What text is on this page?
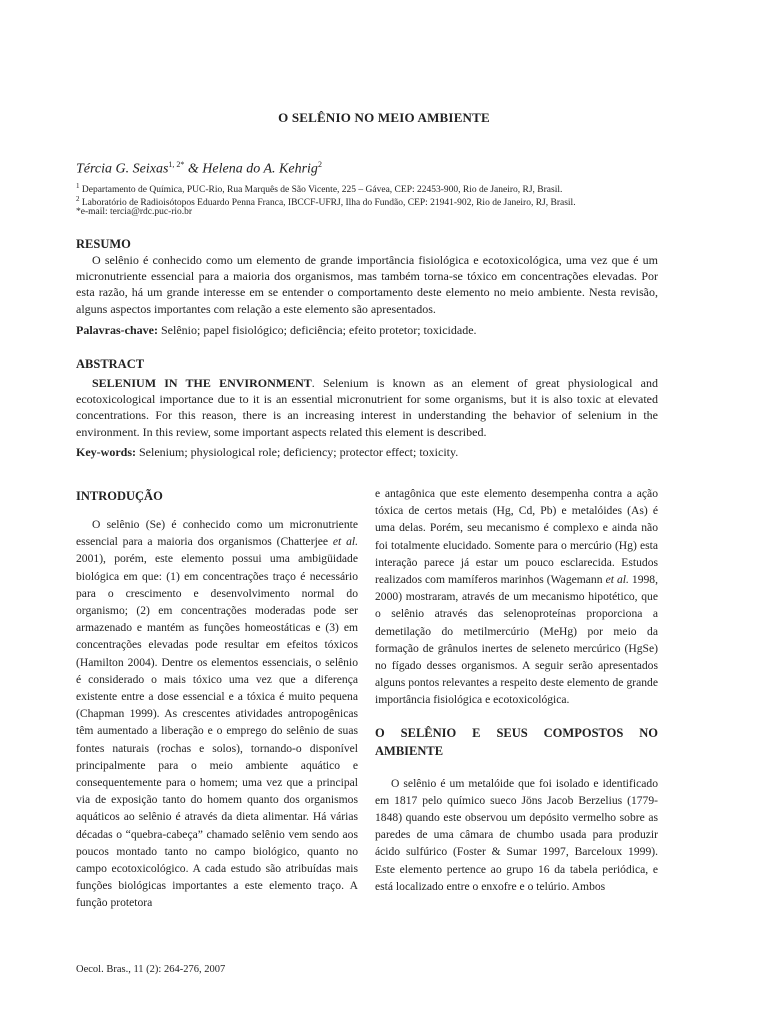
O SELÊNIO NO MEIO AMBIENTE
Tércia G. Seixas$^{1, 2*}$ & Helena do A. Kehrig$^2$
$^1$ Departamento de Química, PUC-Rio, Rua Marquês de São Vicente, 225 – Gávea, CEP: 22453-900, Rio de Janeiro, RJ, Brasil.
$^2$ Laboratório de Radioisótopos Eduardo Penna Franca, IBCCF-UFRJ, Ilha do Fundão, CEP: 21941-902, Rio de Janeiro, RJ, Brasil.
*e-mail: tercia@rdc.puc-rio.br
RESUMO
O selênio é conhecido como um elemento de grande importância fisiológica e ecotoxicológica, uma vez que é um micronutriente essencial para a maioria dos organismos, mas também torna-se tóxico em concentrações elevadas. Por esta razão, há um grande interesse em se entender o comportamento deste elemento no meio ambiente. Nesta revisão, alguns aspectos importantes com relação a este elemento são apresentados.
Palavras-chave: Selênio; papel fisiológico; deficiência; efeito protetor; toxicidade.
ABSTRACT
SELENIUM IN THE ENVIRONMENT. Selenium is known as an element of great physiological and ecotoxicological importance due to it is an essential micronutrient for some organisms, but it is also toxic at elevated concentrations. For this reason, there is an increasing interest in understanding the behavior of selenium in the environment. In this review, some important aspects related this element is described.
Key-words: Selenium; physiological role; deficiency; protector effect; toxicity.
INTRODUÇÃO

O selênio (Se) é conhecido como um micronutriente essencial para a maioria dos organismos (Chatterjee et al. 2001), porém, este elemento possui uma ambigüidade biológica em que: (1) em concentrações traço é necessário para o crescimento e desenvolvimento normal do organismo; (2) em concentrações moderadas pode ser armazenado e mantém as funções homeostáticas e (3) em concentrações elevadas pode resultar em efeitos tóxicos (Hamilton 2004). Dentre os elementos essenciais, o selênio é considerado o mais tóxico uma vez que a diferença existente entre a dose essencial e a tóxica é muito pequena (Chapman 1999). As crescentes atividades antropogênicas têm aumentado a liberação e o emprego do selênio de suas fontes naturais (rochas e solos), tornando-o disponível principalmente para o meio ambiente aquático e consequentemente para o homem; uma vez que a principal via de exposição tanto do homem quanto dos organismos aquáticos ao selênio é através da dieta alimentar. Há várias décadas o “quebra-cabeça” chamado selênio vem sendo aos poucos montado tanto no campo biológico, quanto no campo ecotoxicológico. A cada estudo são atribuídas mais funções biológicas importantes a este elemento traço. A função protetora

e antagônica que este elemento desempenha contra a ação tóxica de certos metais (Hg, Cd, Pb) e metalóides (As) é uma delas. Porém, seu mecanismo é complexo e ainda não foi totalmente elucidado. Somente para o mercúrio (Hg) esta interação parece já estar um pouco esclarecida. Estudos realizados com mamíferos marinhos (Wagemann et al. 1998, 2000) mostraram, através de um mecanismo hipotético, que o selênio através das selenoproteínas proporciona a demetilação do metilmercúrio (MeHg) por meio da formação de grânulos inertes de seleneto mercúrico (HgSe) no fígado desses organismos. A seguir serão apresentados alguns pontos relevantes a respeito deste elemento de grande importância fisiológica e ecotoxicológica.

O SELÊNIO E SEUS COMPOSTOS NO AMBIENTE

O selênio é um metalóide que foi isolado e identificado em 1817 pelo químico sueco Jöns Jacob Berzelius (1779-1848) quando este observou um depósito vermelho sobre as paredes de uma câmara de chumbo usada para produzir ácido sulfúrico (Foster & Sumar 1997, Barceloux 1999). Este elemento pertence ao grupo 16 da tabela periódica, e está localizado entre o enxofre e o telúrio. Ambos

Oecol. Bras., 11 (2): 264-276, 2007
